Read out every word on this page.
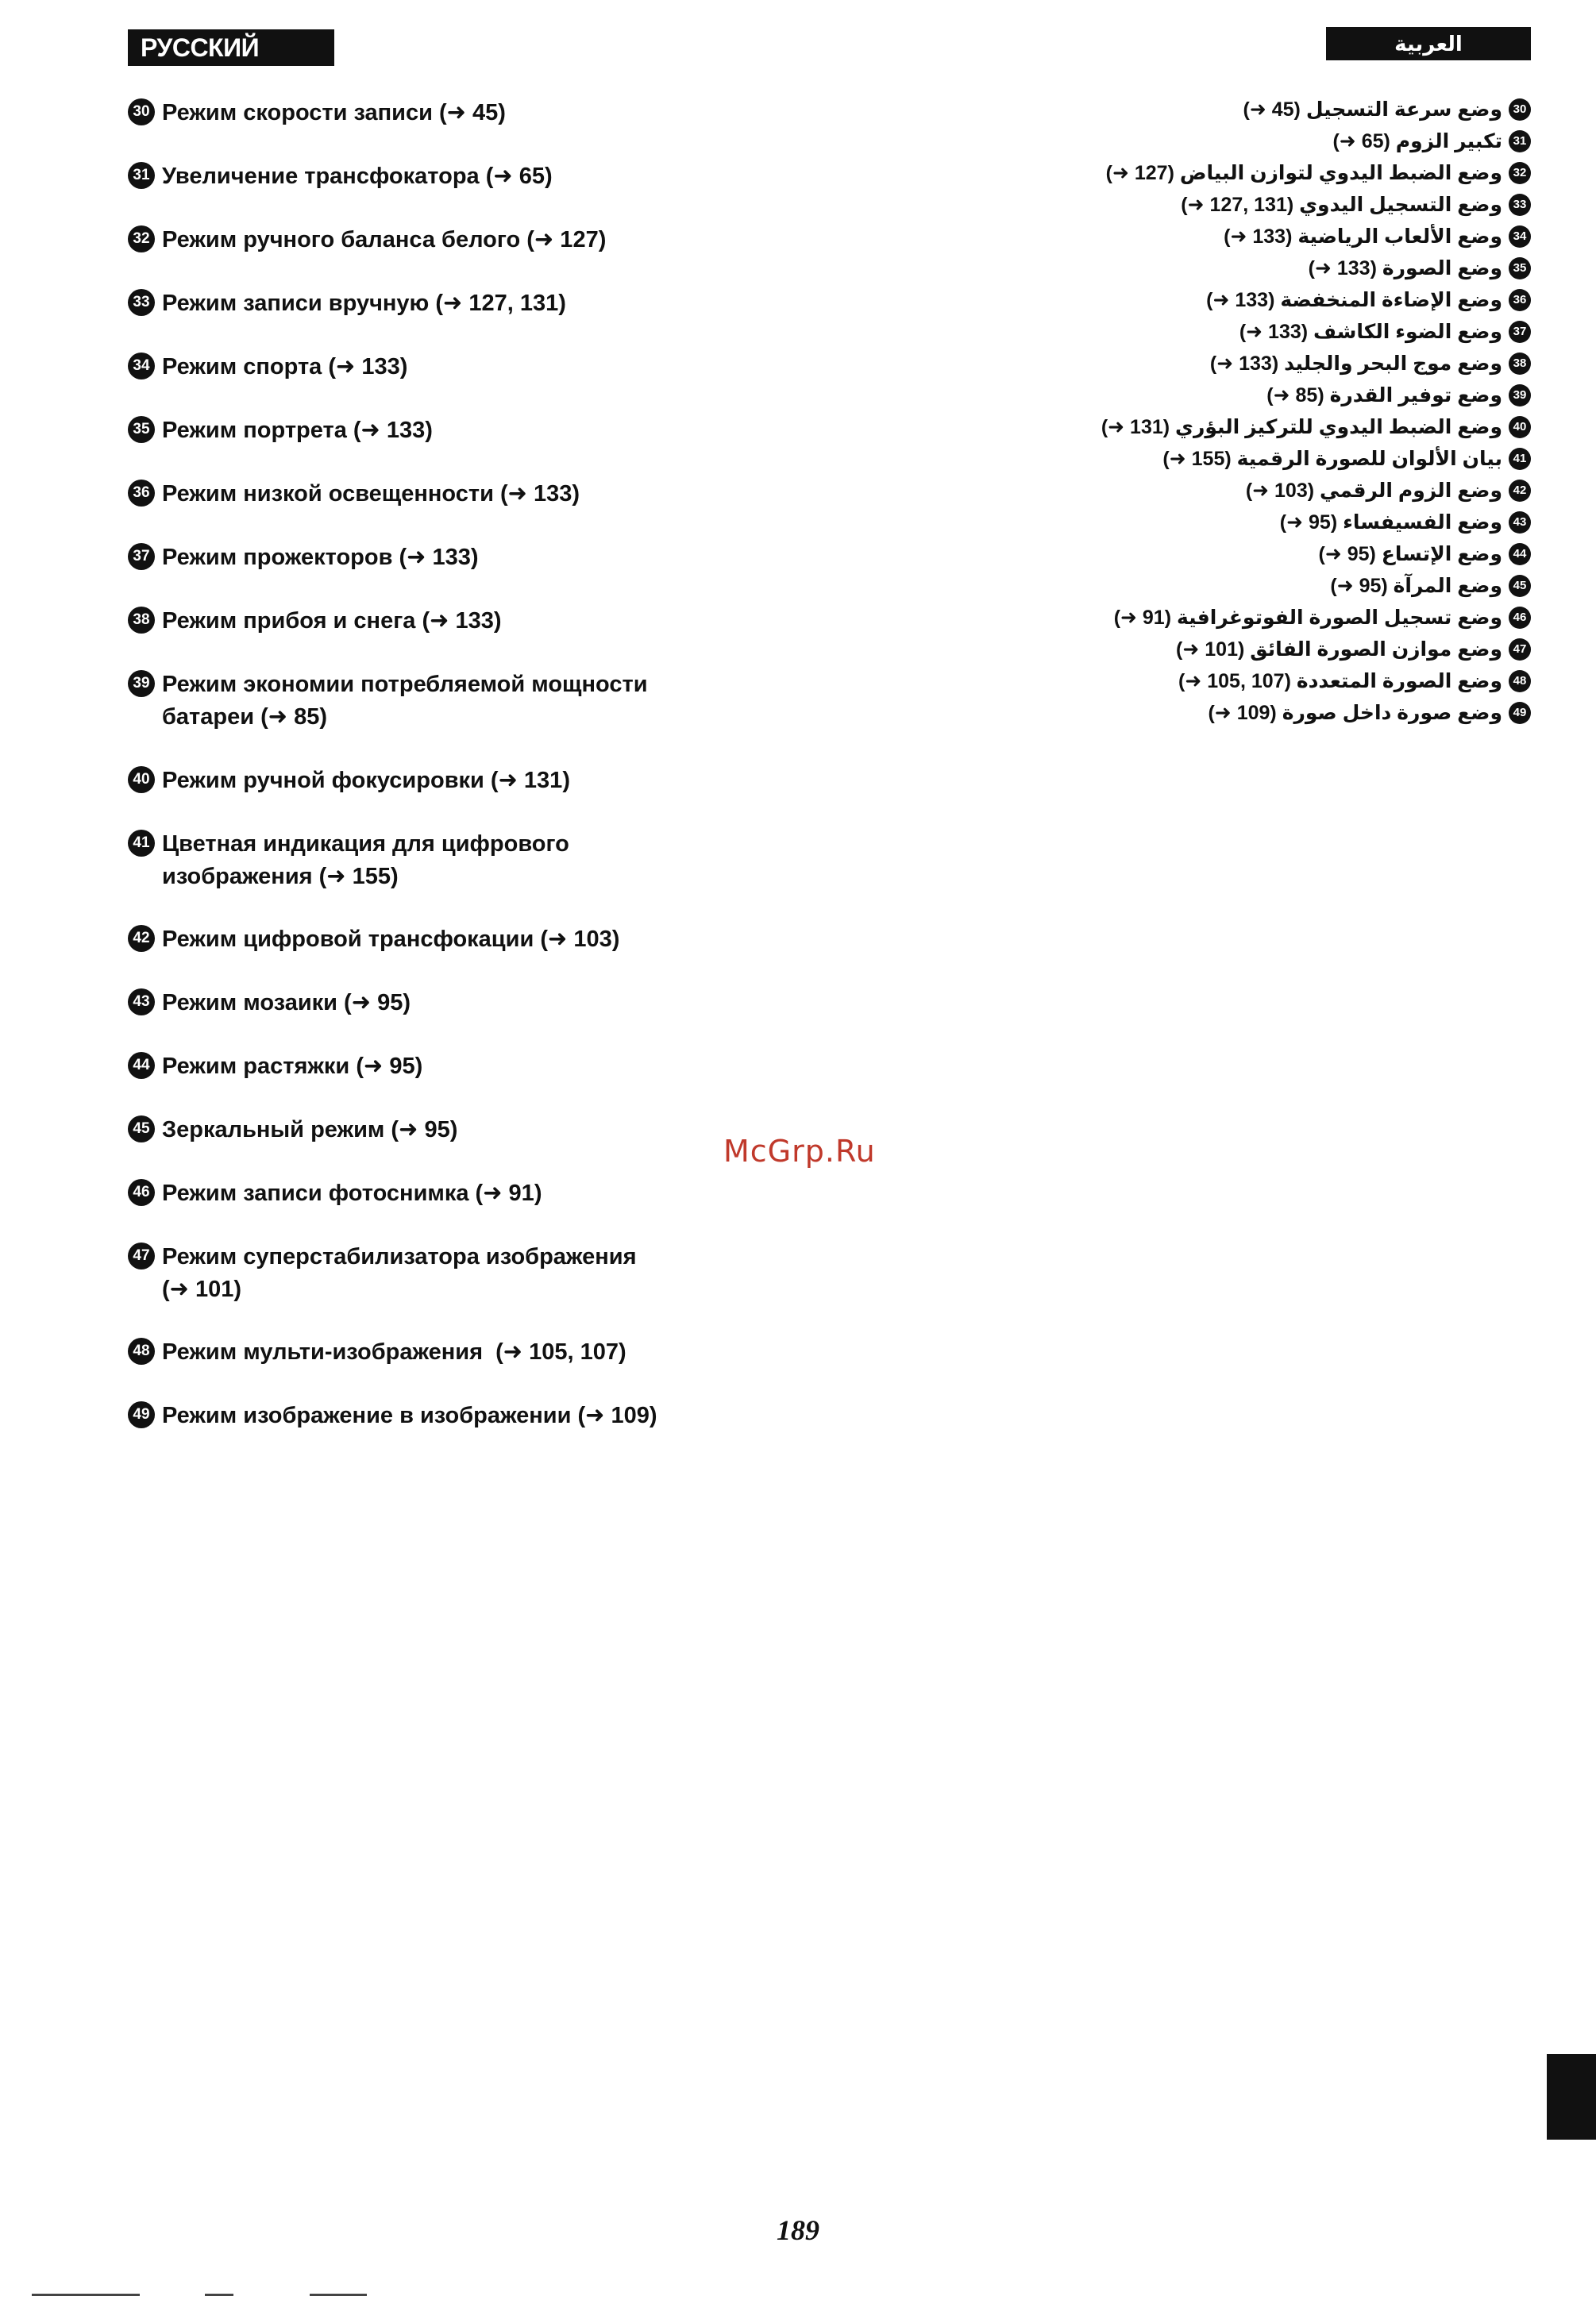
РУССКИЙ ЯЗЫК
العربية
30 Режим скорости записи (➜ 45)
31 Увеличение трансфокатора (➜ 65)
32 Режим ручного баланса белого (➜ 127)
33 Режим записи вручную (➜ 127, 131)
34 Режим спорта (➜ 133)
35 Режим портрета (➜ 133)
36 Режим низкой освещенности (➜ 133)
37 Режим прожекторов (➜ 133)
38 Режим прибоя и снега (➜ 133)
39 Режим экономии потребляемой мощности
батареи (➜ 85)
40 Режим ручной фокусировки (➜ 131)
41 Цветная индикация для цифрового
изображения (➜ 155)
42 Режим цифровой трансфокации (➜ 103)
43 Режим мозаики (➜ 95)
44 Режим растяжки (➜ 95)
45 Зеркальный режим (➜ 95)
46 Режим записи фотоснимка (➜ 91)
47 Режим суперстабилизатора изображения
(➜ 101)
48 Режим мульти-изображения  (➜ 105, 107)
49 Режим изображение в изображении (➜ 109)
30
وضع سرعة التسجيل (45 ➜)
31
تكبير الزوم (65 ➜)
32
وضع الضبط اليدوي لتوازن البياض (127 ➜)
33
وضع التسجيل اليدوي (131 ,127 ➜)
34
وضع الألعاب الرياضية (133 ➜)
35
وضع الصورة (133 ➜)
36
وضع الإضاءة المنخفضة (133 ➜)
37
وضع الضوء الكاشف (133 ➜)
38
وضع موج البحر والجليد (133 ➜)
39
وضع توفير القدرة (85 ➜)
40
وضع الضبط اليدوي للتركيز البؤري (131 ➜)
41
بيان الألوان للصورة الرقمية (155 ➜)
42
وضع الزوم الرقمي (103 ➜)
43
وضع الفسيفساء (95 ➜)
44
وضع الإتساع (95 ➜)
45
وضع المرآة (95 ➜)
46
وضع تسجيل الصورة الفوتوغرافية (91 ➜)
47
وضع موازن الصورة الفائق (101 ➜)
48
وضع الصورة المتعددة (107 ,105 ➜)
49
وضع صورة داخل صورة (109 ➜)
McGrp.Ru
189
